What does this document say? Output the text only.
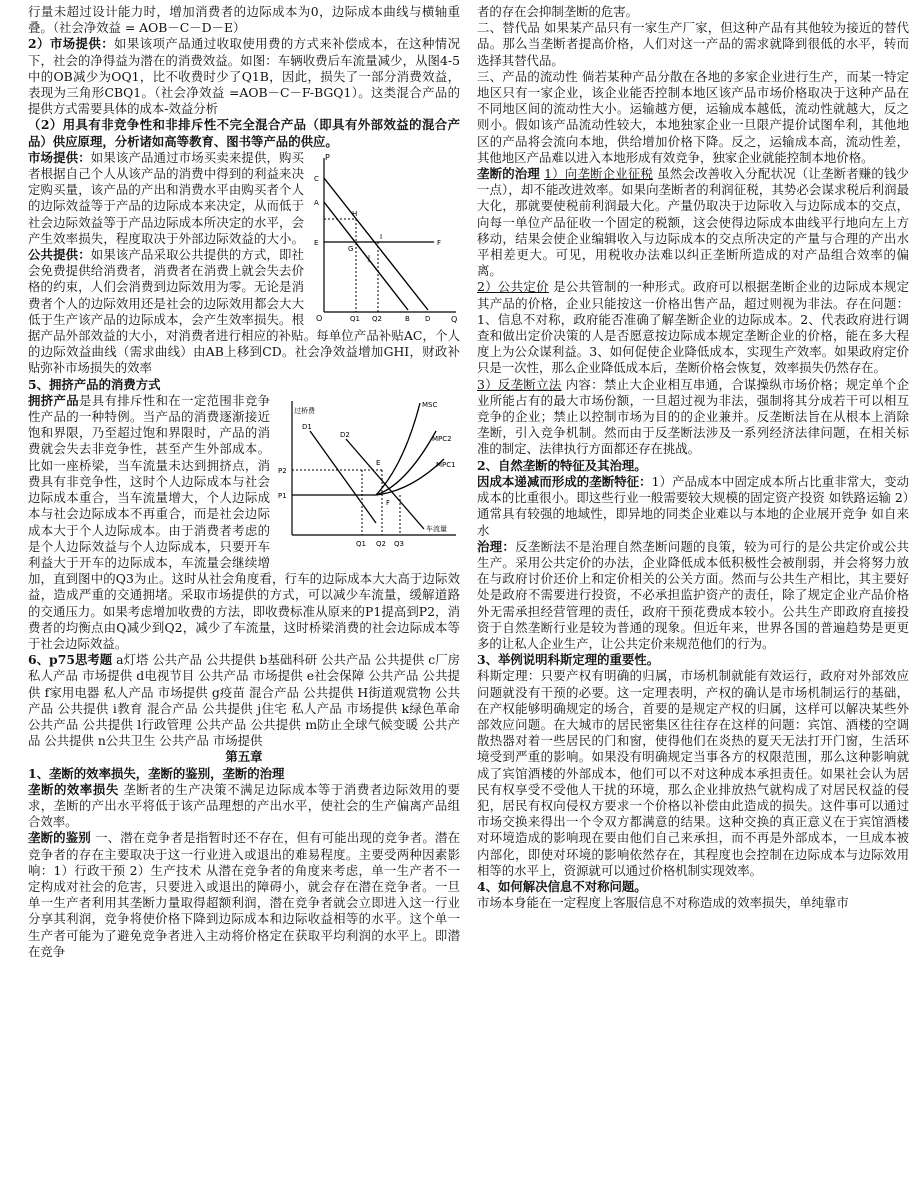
行量未超过设计能力时，增加消费者的边际成本为0，边际成本曲线与横轴重叠。（社会净效益 = AOB－C－D－E）

2）市场提供：如果该项产品通过收取使用费的方式来补偿成本，在这种情况下，社会的净得益为潜在的消费效益。如图：车辆收费后车流量减少，从图4-5中的OB减少为OQ1，比不收费时少了Q1B，因此，损失了一部分消费效益，表现为三角形CBQ1。（社会净效益 =AOB－C－F-BGQ1）。这类混合产品的提供方式需要具体的成本-效益分析

（2）用具有非竞争性和非排斥性不完全混合产品（即具有外部效益的混合产品）供应原理，分析诸如高等教育、图书等产品的供应。

P
Q
O
C
A
E
H
I
G
J
F
Q1 Q2	B D

市场提供：如果该产品通过市场买卖来提供，购买者根据自己个人从该产品的消费中得到的利益来决定购买量，该产品的产出和消费水平由购买者个人的边际效益等于产品的边际成本来决定，从而低于社会边际效益等于产品边际成本所决定的水平，会产生效率损失，程度取决于外部边际效益的大小。公共提供：如果该产品采取公共提供的方式，即社会免费提供给消费者，消费者在消费上就会失去价格的约束，人们会消费到边际效用为零。无论是消费者个人的边际效用还是社会的边际效用都会大大低于生产该产品的边际成本，会产生效率损失。根据产品外部效益的大小，对消费者进行相应的补贴。每单位产品补贴AC，个人的边际效益曲线（需求曲线）由AB上移到CD。社会净效益增加GHI，财政补贴弥补市场损失的效率

5、拥挤产品的消费方式

过桥费
车流量
MSC
MPC2
MPC1
D1
D2
P2
P1
E
F
Q1 Q2 Q3

拥挤产品是具有排斥性和在一定范围非竞争性产品的一种特例。当产品的消费逐渐接近饱和界限，乃至超过饱和界限时，产品的消费就会失去非竞争性，甚至产生外部成本。比如一座桥梁，当车流量未达到拥挤点，消费具有非竞争性，这时个人边际成本与社会边际成本重合，当车流量增大，个人边际成本与社会边际成本不再重合，而是社会边际成本大于个人边际成本。由于消费者考虑的是个人边际效益与个人边际成本，只要开车利益大于开车的边际成本，车流量会继续增加，直到图中的Q3为止。这时从社会角度看，行车的边际成本大大高于边际效益，造成严重的交通拥堵。采取市场提供的方式，可以减少车流量，缓解道路的交通压力。如果考虑增加收费的方法，即收费标准从原来的P1提高到P2，消费者的均衡点由Q减少到Q2，减少了车流量，这时桥梁消费的社会边际成本等于社会边际效益。

6、p75思考题 a灯塔 公共产品 公共提供 b基础科研 公共产品 公共提供 c厂房 私人产品 市场提供 d电视节目 公共产品 市场提供 e社会保障 公共产品 公共提供 f家用电器 私人产品 市场提供 g疫苗 混合产品 公共提供 H街道观赏物 公共产品 公共提供 i教育 混合产品 公共提供 j住宅 私人产品 市场提供 k绿色革命 公共产品 公共提供 l行政管理 公共产品 公共提供 m防止全球气候变暖 公共产品 公共提供 n公共卫生 公共产品 市场提供

第五章

1、垄断的效率损失，垄断的鉴别，垄断的治理

垄断的效率损失 垄断者的生产决策不满足边际成本等于消费者边际效用的要求，垄断的产出水平将低于该产品理想的产出水平，使社会的生产偏离产品组合效率。

垄断的鉴别 一、潜在竞争者是指暂时还不存在，但有可能出现的竞争者。潜在竞争者的存在主要取决于这一行业进入或退出的难易程度。主要受两种因素影响：1）行政干预 2）生产技术 从潜在竞争者的角度来考虑，单一生产者不一定构成对社会的危害，只要进入或退出的障碍小，就会存在潜在竞争者。一旦单一生产者利用其垄断力量取得超额利润，潜在竞争者就会立即进入这一行业分享其利润，竞争将使价格下降到边际成本和边际收益相等的水平。这个单一生产者可能为了避免竞争者进入主动将价格定在获取平均利润的水平上。即潜在竞争

者的存在会抑制垄断的危害。

二、替代品 如果某产品只有一家生产厂家，但这种产品有其他较为接近的替代品。那么当垄断者提高价格，人们对这一产品的需求就降到很低的水平，转而选择其替代品。

三、产品的流动性 倘若某种产品分散在各地的多家企业进行生产，而某一特定地区只有一家企业，该企业能否控制本地区该产品市场价格取决于这种产品在不同地区间的流动性大小。运输越方便，运输成本越低，流动性就越大，反之则小。假如该产品流动性较大，本地独家企业一旦限产提价试图牟利，其他地区的产品将会流向本地，供给增加价格下降。反之，运输成本高，流动性差，其他地区产品难以进入本地形成有效竞争，独家企业就能控制本地价格。

垄断的治理 1）向垄断企业征税 虽然会改善收入分配状况（让垄断者赚的钱少一点），却不能改进效率。如果向垄断者的利润征税，其势必会谋求税后利润最大化，那就要使税前利润最大化。产量仍取决于边际收入与边际成本的交点，向每一单位产品征收一个固定的税额，这会使得边际成本曲线平行地向左上方移动，结果会使企业编辑收入与边际成本的交点所决定的产量与合理的产出水平相差更大。可见，用税收办法难以纠正垄断所造成的对产品组合效率的偏离。

2）公共定价 是公共管制的一种形式。政府可以根据垄断企业的边际成本规定其产品的价格，企业只能按这一价格出售产品，超过则视为非法。存在问题：1、信息不对称，政府能否准确了解垄断企业的边际成本。2、代表政府进行调查和做出定价决策的人是否愿意按边际成本规定垄断企业的价格，能在多大程度上为公众谋利益。3、如何促使企业降低成本，实现生产效率。如果政府定价只是一次性，那么企业降低成本后，垄断价格会恢复，效率损失仍然存在。

3）反垄断立法 内容：禁止大企业相互串通，合谋操纵市场价格；规定单个企业所能占有的最大市场份额，一旦超过视为非法，强制将其分成若干可以相互竞争的企业；禁止以控制市场为目的的企业兼并。反垄断法旨在从根本上消除垄断，引入竞争机制。然而由于反垄断法涉及一系列经济法律问题，在相关标准的制定、法律执行方面都还存在挑战。

2、自然垄断的特征及其治理。

因成本递减而形成的垄断特征：1）产品成本中固定成本所占比重非常大，变动成本的比重很小。即这些行业一般需要较大规模的固定资产投资 如铁路运输 2）通常具有较强的地域性，即异地的同类企业难以与本地的企业展开竞争 如自来水

治理：反垄断法不是治理自然垄断问题的良策，较为可行的是公共定价或公共生产。采用公共定价的办法，企业降低成本低积极性会被削弱，并会将努力放在与政府讨价还价上和定价相关的公关方面。然而与公共生产相比，其主要好处是政府不需要进行投资，不必承担监护资产的责任，除了规定企业产品价格外无需承担经营管理的责任，政府干预花费成本较小。公共生产即政府直接投资于自然垄断行业是较为普通的现象。但近年来，世界各国的普遍趋势是更更多的让私人企业生产，让公共定价来规范他们的行为。

3、举例说明科斯定理的重要性。

科斯定理：只要产权有明确的归属，市场机制就能有效运行，政府对外部效应问题就没有干预的必要。这一定理表明，产权的确认是市场机制运行的基础，在产权能够明确规定的场合，首要的是规定产权的归属，这样可以解决某些外部效应问题。在大城市的居民密集区往往存在这样的问题：宾馆、酒楼的空调散热器对着一些居民的门和窗，使得他们在炎热的夏天无法打开门窗，生活环境受到严重的影响。如果没有明确规定当事各方的权限范围，那么这种影响就成了宾馆酒楼的外部成本，他们可以不对这种成本承担责任。如果社会认为居民有权享受不受他人干扰的环境，那么企业排放热气就构成了对居民权益的侵犯，居民有权向侵权方要求一个价格以补偿由此造成的损失。这件事可以通过市场交换来得出一个令双方都满意的结果。这种交换的真正意义在于宾馆酒楼对环境造成的影响现在要由他们自己来承担，而不再是外部成本，一旦成本被内部化，即使对环境的影响依然存在，其程度也会控制在边际成本与边际效用相等的水平上，资源就可以通过价格机制实现效率。

4、如何解决信息不对称问题。

市场本身能在一定程度上客服信息不对称造成的效率损失，单纯靠市
